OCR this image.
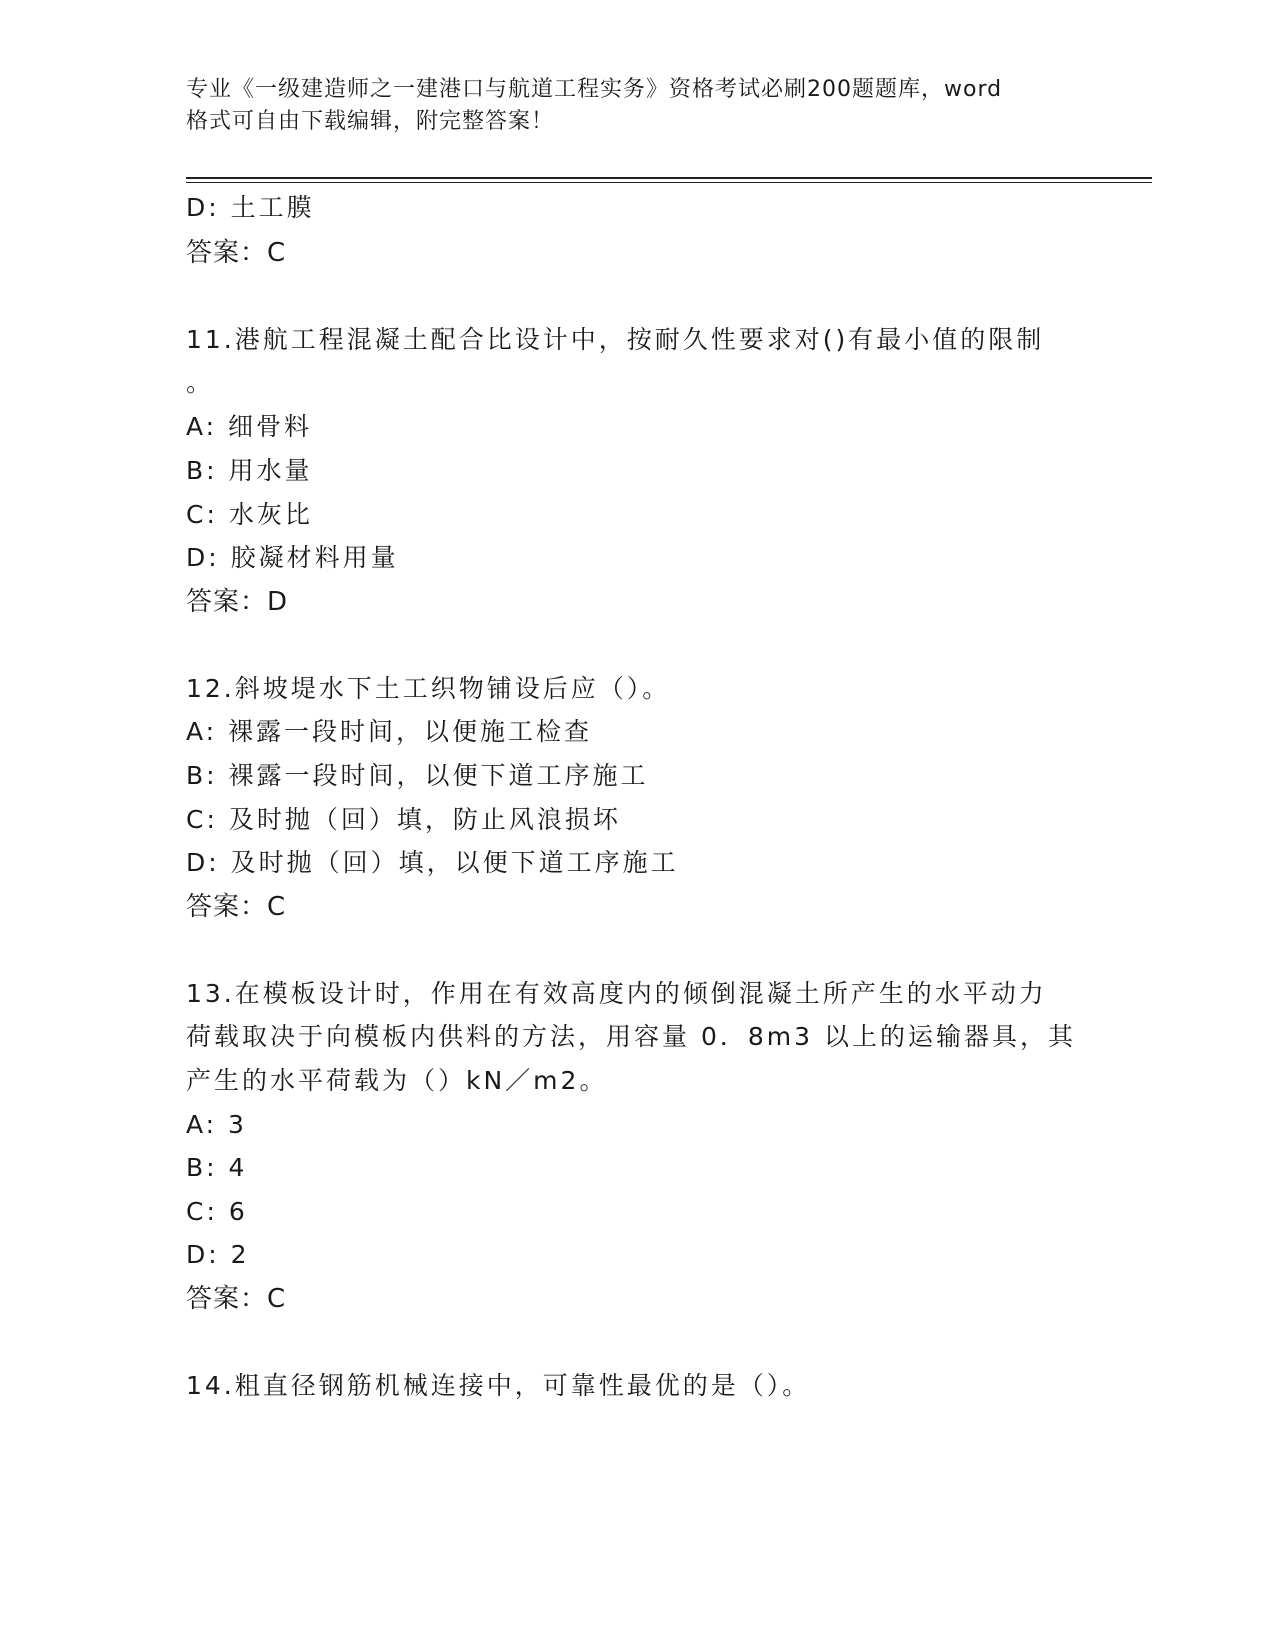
专业《一级建造师之一建港口与航道工程实务》资格考试必刷200题题库，word
格式可自由下载编辑，附完整答案！
D: 土工膜
答案：C
11.港航工程混凝土配合比设计中，按耐久性要求对()有最小值的限制
。
A: 细骨料
B: 用水量
C: 水灰比
D: 胶凝材料用量
答案：D
12.斜坡堤水下土工织物铺设后应（）。
A: 裸露一段时间，以便施工检查
B: 裸露一段时间，以便下道工序施工
C: 及时抛（回）填，防止风浪损坏
D: 及时抛（回）填，以便下道工序施工
答案：C
13.在模板设计时，作用在有效高度内的倾倒混凝土所产生的水平动力
荷载取决于向模板内供料的方法，用容量 0．8m3 以上的运输器具，其
产生的水平荷载为（）kN／m2。
A: 3
B: 4
C: 6
D: 2
答案：C
14.粗直径钢筋机械连接中，可靠性最优的是（）。
